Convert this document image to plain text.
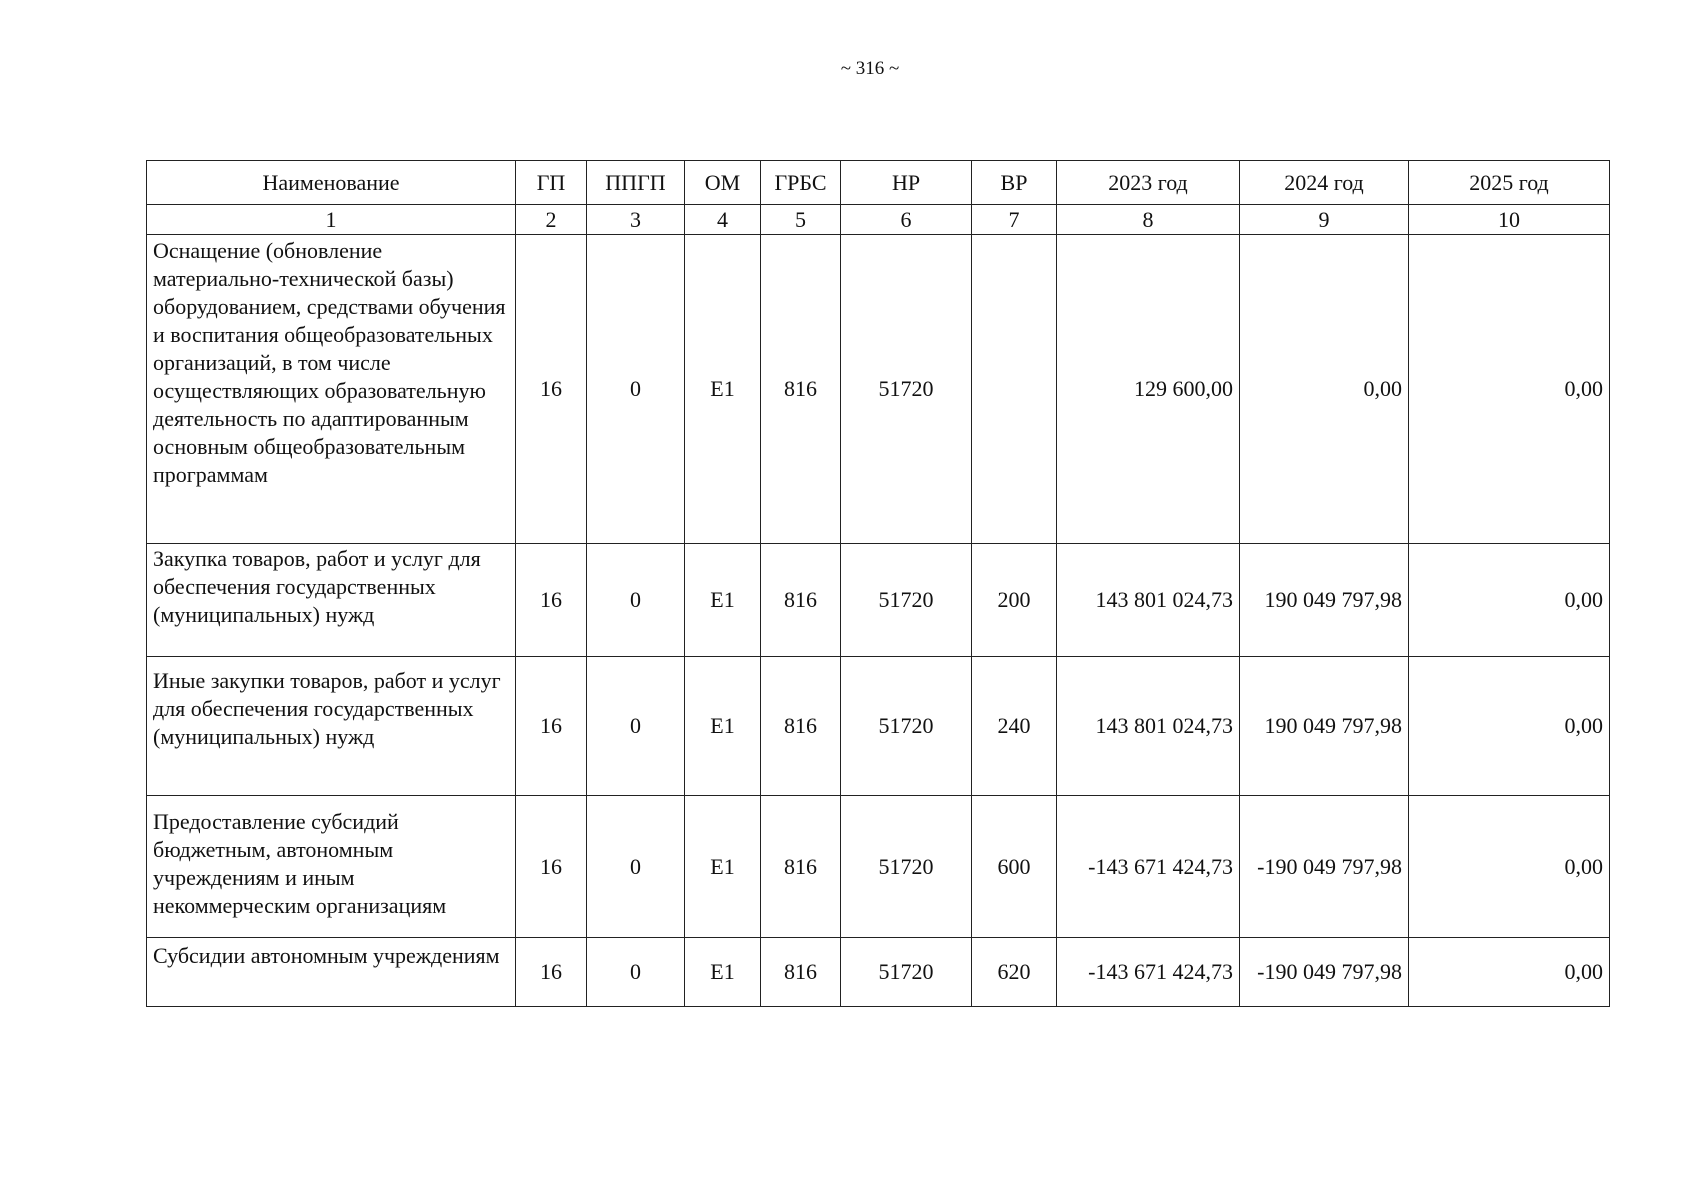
~ 316 ~
Наименование	ГП	ППГП	ОМ	ГРБС	НР	ВР	2023 год	2024 год	2025 год
1	2	3	4	5	6	7	8	9	10
Оснащение (обновление материально-технической базы) оборудованием, средствами обучения и воспитания общеобразовательных организаций, в том числе осуществляющих образовательную деятельность по адаптированным основным общеобразовательным программам	16	0	Е1	816	51720		129 600,00	0,00	0,00
Закупка товаров, работ и услуг для обеспечения государственных (муниципальных) нужд	16	0	Е1	816	51720	200	143 801 024,73	190 049 797,98	0,00
Иные закупки товаров, работ и услуг для обеспечения государственных (муниципальных) нужд	16	0	Е1	816	51720	240	143 801 024,73	190 049 797,98	0,00
Предоставление субсидий бюджетным, автономным учреждениям и иным некоммерческим организациям	16	0	Е1	816	51720	600	-143 671 424,73	-190 049 797,98	0,00
Субсидии автономным учреждениям	16	0	Е1	816	51720	620	-143 671 424,73	-190 049 797,98	0,00
